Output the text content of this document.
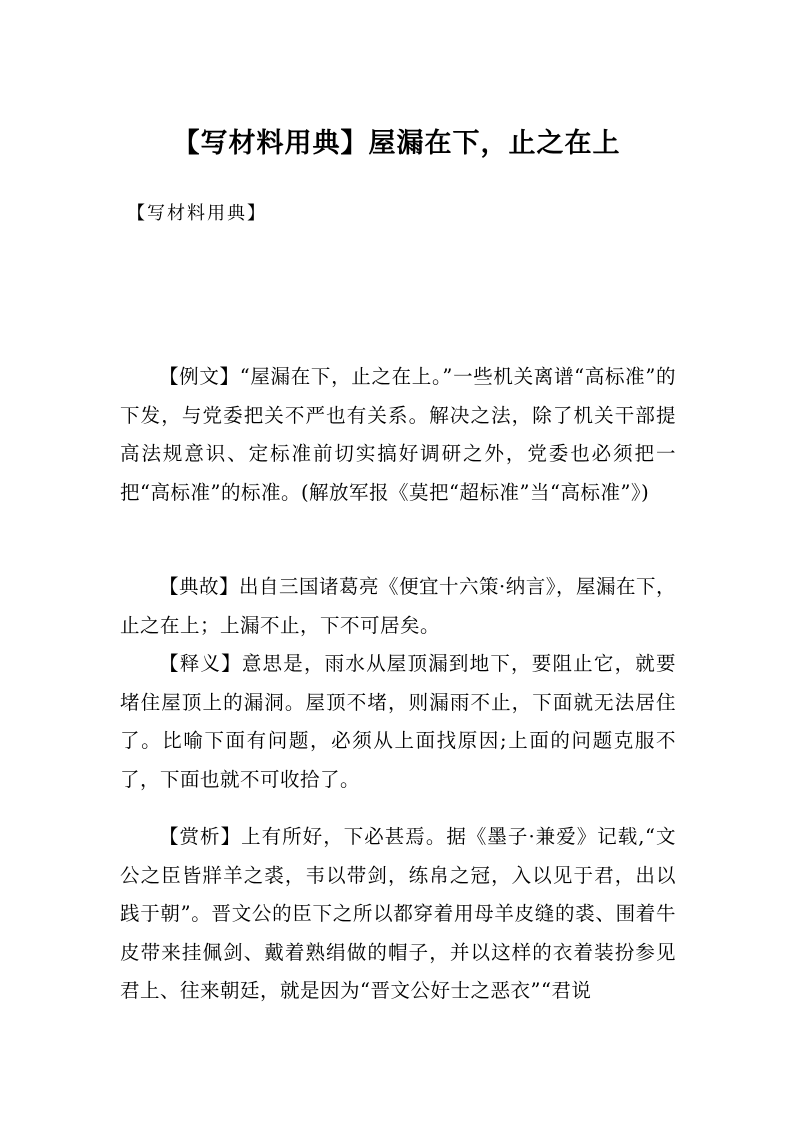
【写材料用典】屋漏在下，止之在上
【写材料用典】

【例文】“屋漏在下，止之在上。”一些机关离谱“高标准”的下发，与党委把关不严也有关系。解决之法，除了机关干部提高法规意识、定标准前切实搞好调研之外，党委也必须把一把“高标准”的标准。(解放军报《莫把“超标准”当“高标准”》)

【典故】出自三国诸葛亮《便宜十六策·纳言》，屋漏在下，止之在上；上漏不止，下不可居矣。

【释义】意思是，雨水从屋顶漏到地下，要阻止它，就要堵住屋顶上的漏洞。屋顶不堵，则漏雨不止，下面就无法居住了。比喻下面有问题，必须从上面找原因;上面的问题克服不了，下面也就不可收拾了。

【赏析】上有所好，下必甚焉。据《墨子·兼爱》记载,“文公之臣皆牂羊之裘，韦以带剑，练帛之冠，入以见于君，出以践于朝”。晋文公的臣下之所以都穿着用母羊皮缝的裘、围着牛皮带来挂佩剑、戴着熟绢做的帽子，并以这样的衣着装扮参见君上、往来朝廷，就是因为“晋文公好士之恶衣”“君说
